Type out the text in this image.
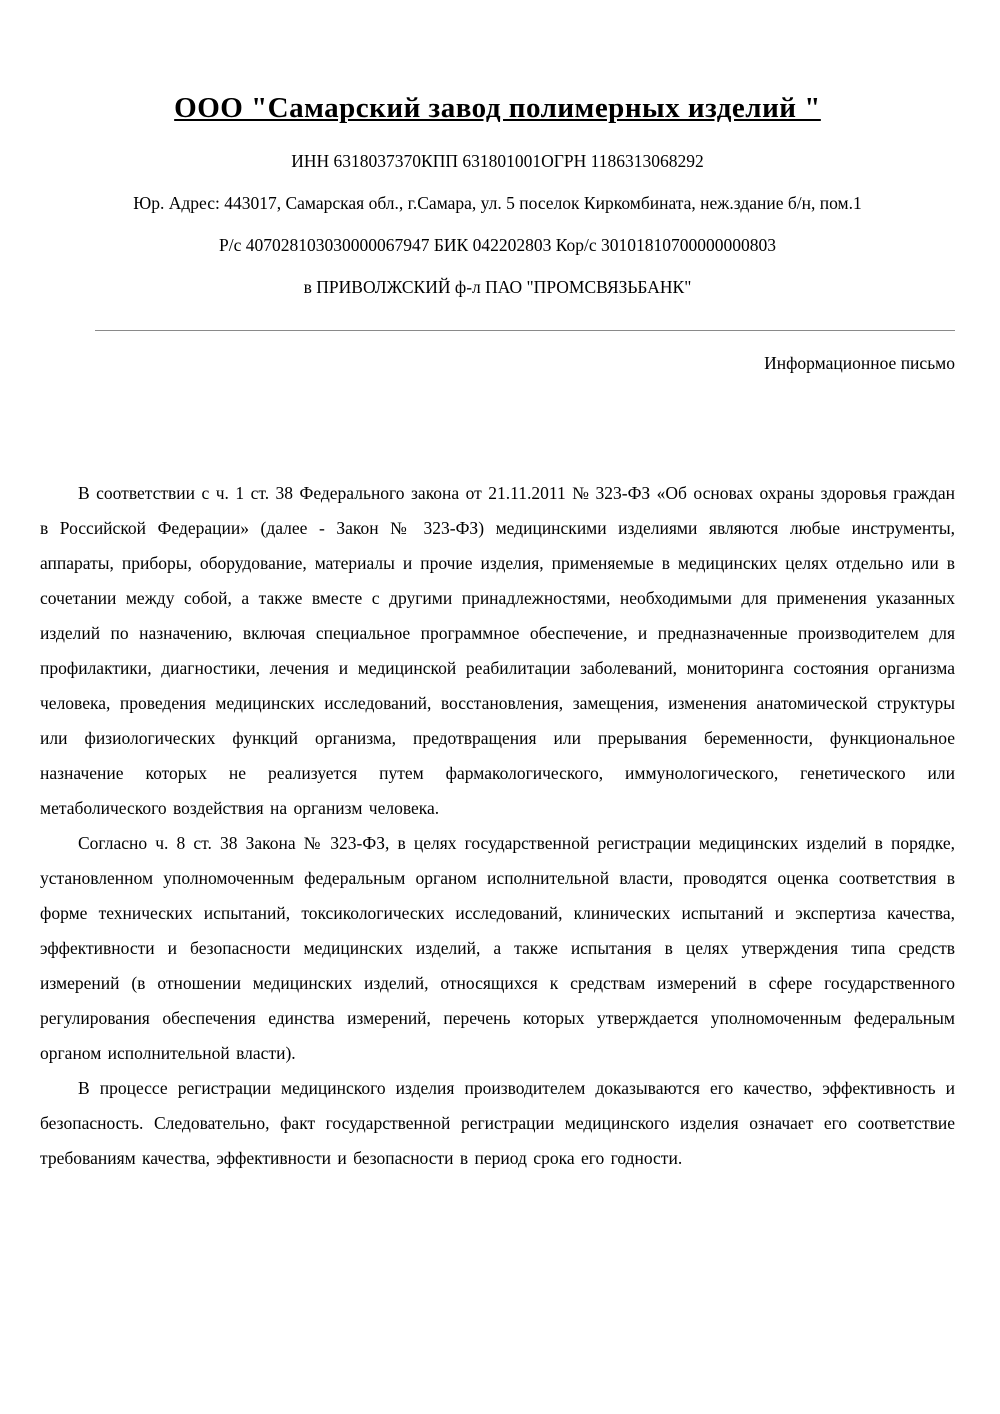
ООО "Самарский завод полимерных изделий "
ИНН 6318037370КПП 631801001ОГРН 1186313068292
Юр. Адрес: 443017, Самарская обл., г.Самара, ул. 5 поселок Киркомбината, неж.здание б/н, пом.1
Р/с 407028103030000067947 БИК 042202803 Кор/с 30101810700000000803
в ПРИВОЛЖСКИЙ ф-л ПАО "ПРОМСВЯЗЬБАНК"
Информационное письмо

В соответствии с ч. 1 ст. 38 Федерального закона от 21.11.2011 № 323-ФЗ «Об основах охраны здоровья граждан в Российской Федерации» (далее - Закон № 323-ФЗ) медицинскими изделиями являются любые инструменты, аппараты, приборы, оборудование, материалы и прочие изделия, применяемые в медицинских целях отдельно или в сочетании между собой, а также вместе с другими принадлежностями, необходимыми для применения указанных изделий по назначению, включая специальное программное обеспечение, и предназначенные производителем для профилактики, диагностики, лечения и медицинской реабилитации заболеваний, мониторинга состояния организма человека, проведения медицинских исследований, восстановления, замещения, изменения анатомической структуры или физиологических функций организма, предотвращения или прерывания беременности, функциональное назначение которых не реализуется путем фармакологического, иммунологического, генетического или метаболического воздействия на организм человека.

Согласно ч. 8 ст. 38 Закона № 323-ФЗ, в целях государственной регистрации медицинских изделий в порядке, установленном уполномоченным федеральным органом исполнительной власти, проводятся оценка соответствия в форме технических испытаний, токсикологических исследований, клинических испытаний и экспертиза качества, эффективности и безопасности медицинских изделий, а также испытания в целях утверждения типа средств измерений (в отношении медицинских изделий, относящихся к средствам измерений в сфере государственного регулирования обеспечения единства измерений, перечень которых утверждается уполномоченным федеральным органом исполнительной власти).

В процессе регистрации медицинского изделия производителем доказываются его качество, эффективность и безопасность. Следовательно, факт государственной регистрации медицинского изделия означает его соответствие требованиям качества, эффективности и безопасности в период срока его годности.
